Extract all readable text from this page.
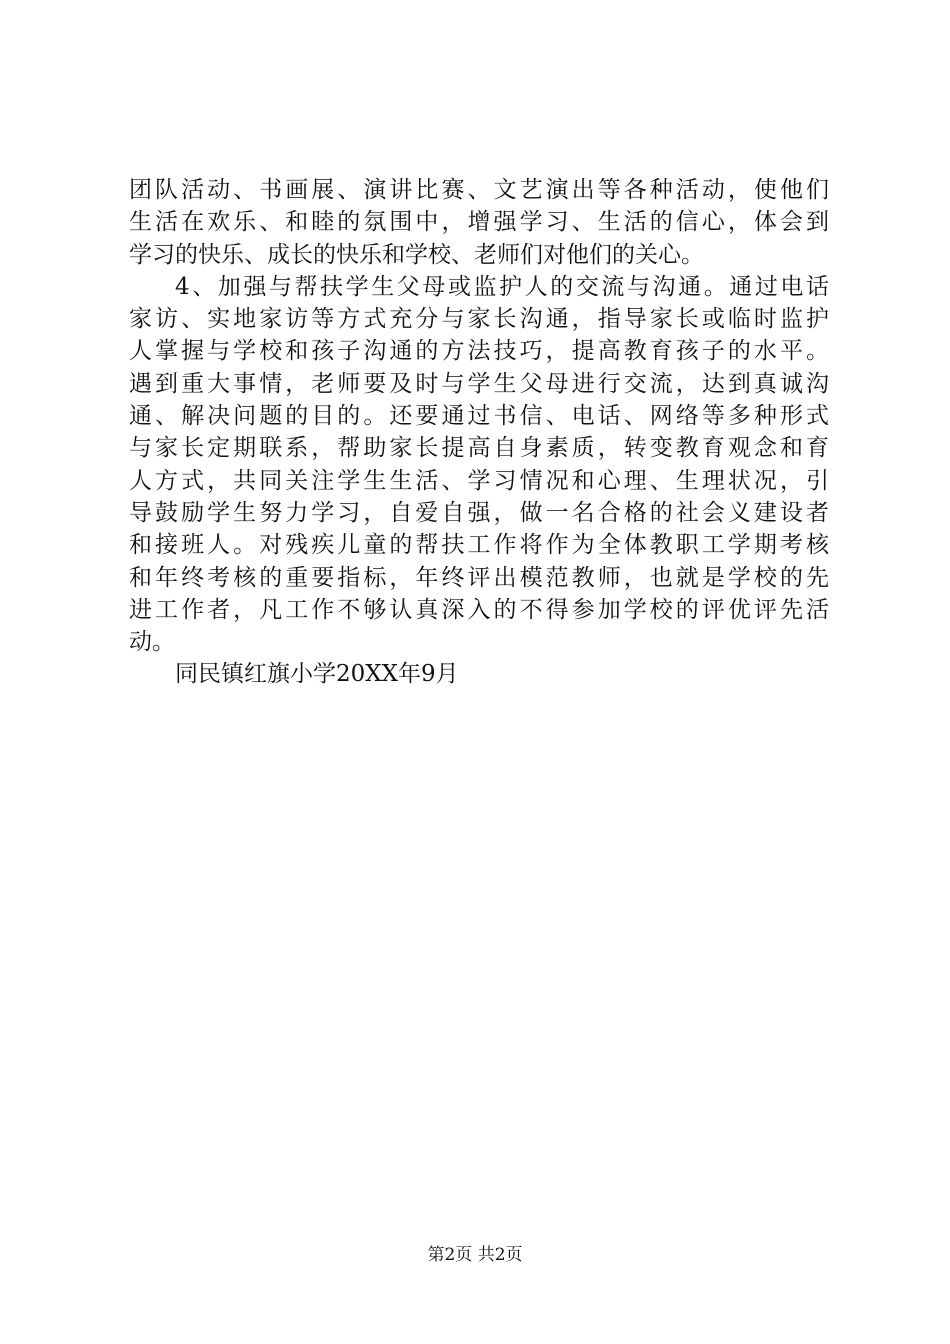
团队活动、书画展、演讲比赛、文艺演出等各种活动，使他们
生活在欢乐、和睦的氛围中，增强学习、生活的信心，体会到
学习的快乐、成长的快乐和学校、老师们对他们的关心。
4、加强与帮扶学生父母或监护人的交流与沟通。通过电话
家访、实地家访等方式充分与家长沟通，指导家长或临时监护
人掌握与学校和孩子沟通的方法技巧，提高教育孩子的水平。
遇到重大事情，老师要及时与学生父母进行交流，达到真诚沟
通、解决问题的目的。还要通过书信、电话、网络等多种形式
与家长定期联系，帮助家长提高自身素质，转变教育观念和育
人方式，共同关注学生生活、学习情况和心理、生理状况，引
导鼓励学生努力学习，自爱自强，做一名合格的社会义建设者
和接班人。对残疾儿童的帮扶工作将作为全体教职工学期考核
和年终考核的重要指标，年终评出模范教师，也就是学校的先
进工作者，凡工作不够认真深入的不得参加学校的评优评先活
动。
同民镇红旗小学20XX年9月
第2页 共2页
